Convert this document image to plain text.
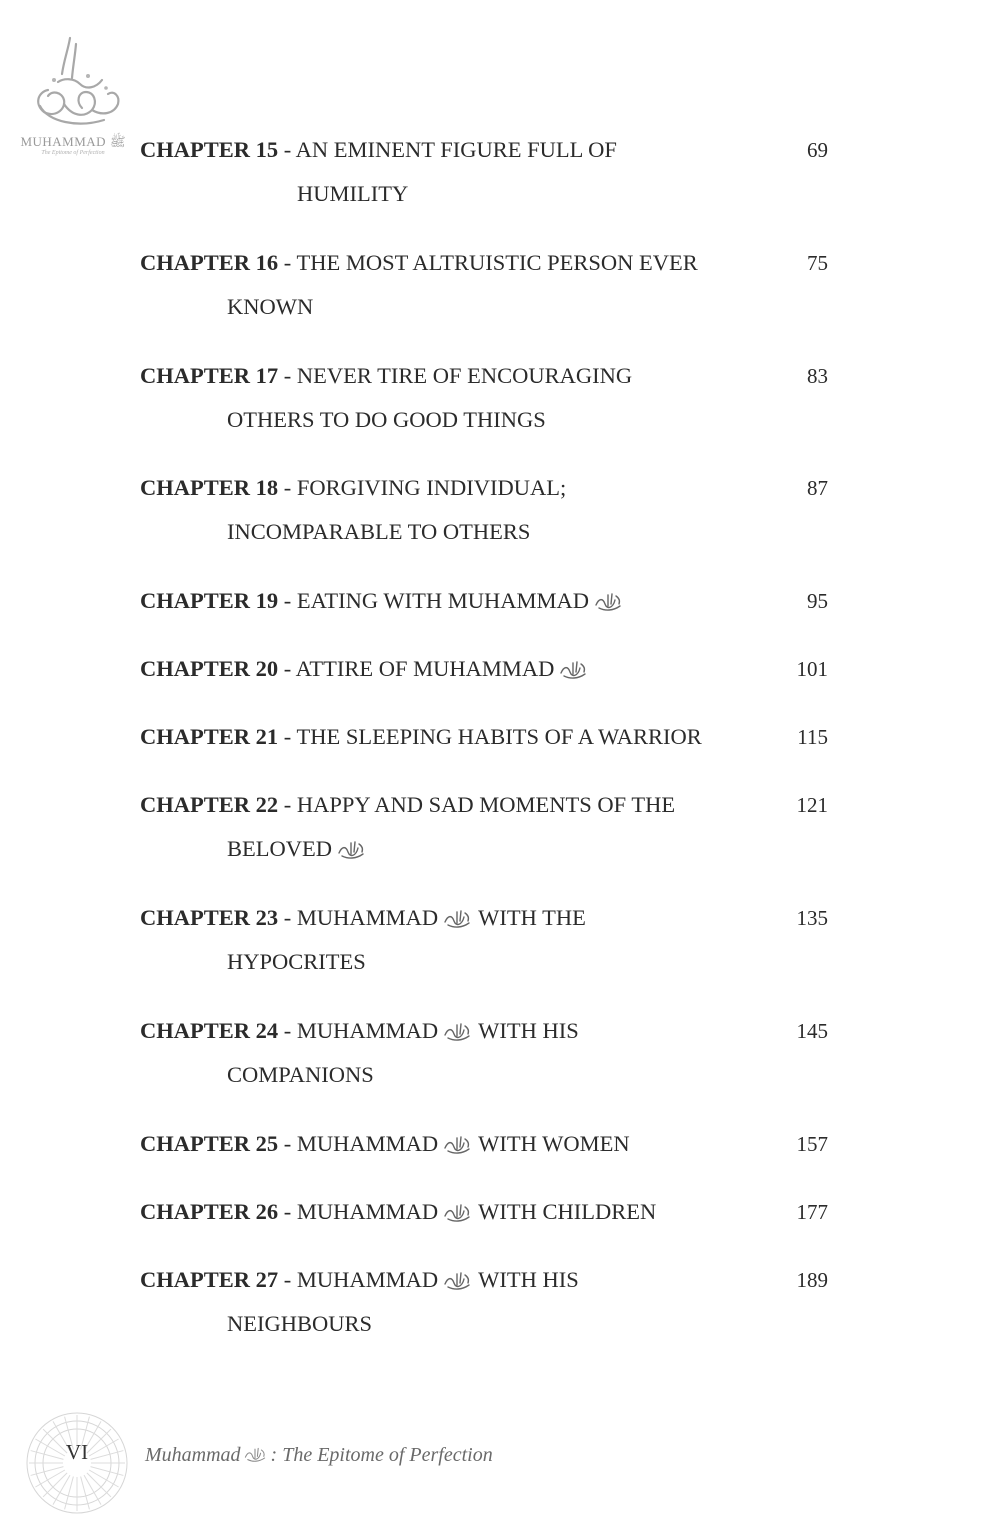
MUHAMMAD ﷺ
The Epitome of Perfection	CHAPTER 15 - AN EMINENT FIGURE FULL OF	69
HUMILITY
CHAPTER 16 - THE MOST ALTRUISTIC PERSON EVER	75
KNOWN
CHAPTER 17 - NEVER TIRE OF ENCOURAGING	83
OTHERS TO DO GOOD THINGS
CHAPTER 18 - FORGIVING INDIVIDUAL;	87
INCOMPARABLE TO OTHERS
CHAPTER 19 - EATING WITH MUHAMMAD	95
CHAPTER 20 - ATTIRE OF MUHAMMAD	101
CHAPTER 21 - THE SLEEPING HABITS OF A WARRIOR	115
CHAPTER 22 - HAPPY AND SAD MOMENTS OF THE	121
BELOVED
CHAPTER 23 - MUHAMMAD WITH THE	135
HYPOCRITES
CHAPTER 24 - MUHAMMAD WITH HIS	145
COMPANIONS
CHAPTER 25 - MUHAMMAD WITH WOMEN	157
CHAPTER 26 - MUHAMMAD WITH CHILDREN	177
CHAPTER 27 - MUHAMMAD WITH HIS	189
NEIGHBOURS
VI	Muhammad : The Epitome of Perfection
